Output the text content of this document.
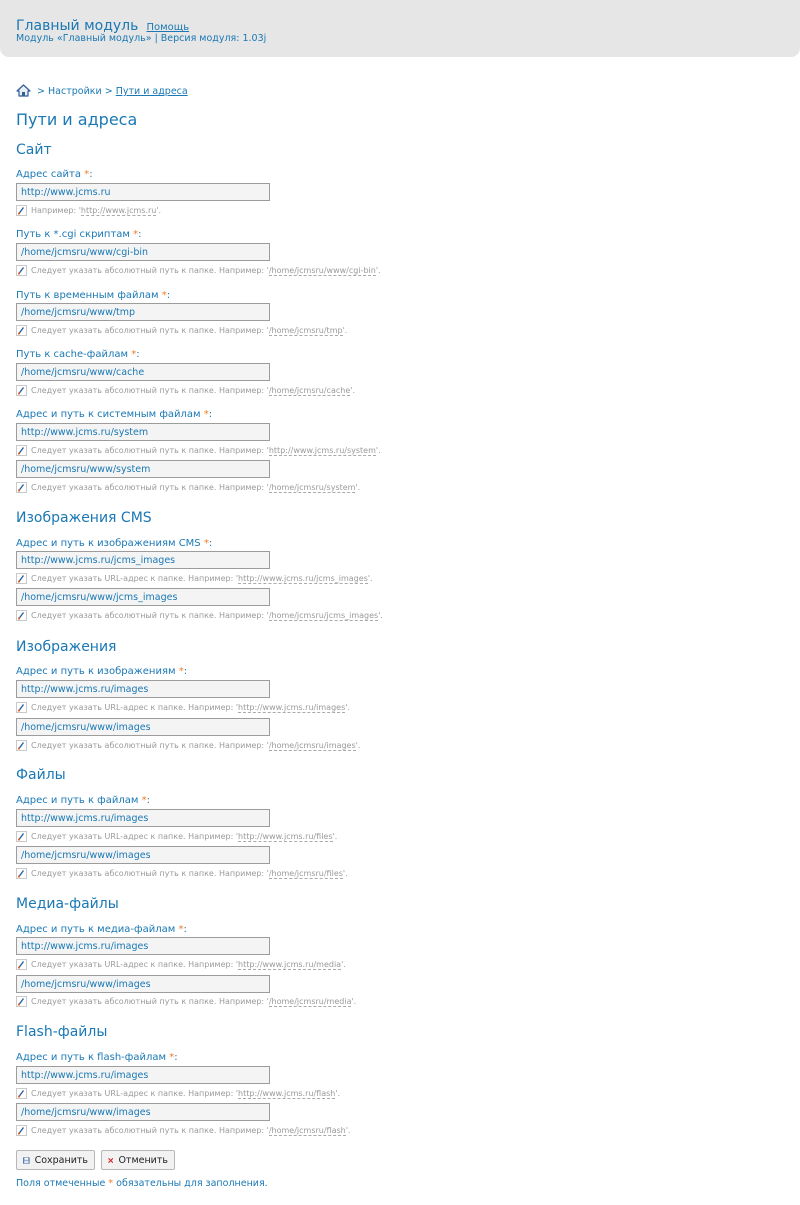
Главный модуль Помощь
Модуль «Главный модуль» | Версия модуля: 1.03j
> Настройки > Пути и адреса
Пути и адреса
Сайт
Адрес сайта *:
http://www.jcms.ru
Например: 'http://www.jcms.ru'.
Путь к *.cgi скриптам *:
/home/jcmsru/www/cgi-bin
Следует указать абсолютный путь к папке. Например: '/home/jcmsru/www/cgi-bin'.
Путь к временным файлам *:
/home/jcmsru/www/tmp
Следует указать абсолютный путь к папке. Например: '/home/jcmsru/tmp'.
Путь к cache-файлам *:
/home/jcmsru/www/cache
Следует указать абсолютный путь к папке. Например: '/home/jcmsru/cache'.
Адрес и путь к системным файлам *:
http://www.jcms.ru/system
Следует указать абсолютный путь к папке. Например: 'http://www.jcms.ru/system'.
/home/jcmsru/www/system
Следует указать абсолютный путь к папке. Например: '/home/jcmsru/system'.
Изображения CMS
Адрес и путь к изображениям CMS *:
http://www.jcms.ru/jcms_images
Следует указать URL-адрес к папке. Например: 'http://www.jcms.ru/jcms_images'.
/home/jcmsru/www/jcms_images
Следует указать абсолютный путь к папке. Например: '/home/jcmsru/jcms_images'.
Изображения
Адрес и путь к изображениям *:
http://www.jcms.ru/images
Следует указать URL-адрес к папке. Например: 'http://www.jcms.ru/images'.
/home/jcmsru/www/images
Следует указать абсолютный путь к папке. Например: '/home/jcmsru/images'.
Файлы
Адрес и путь к файлам *:
http://www.jcms.ru/images
Следует указать URL-адрес к папке. Например: 'http://www.jcms.ru/files'.
/home/jcmsru/www/images
Следует указать абсолютный путь к папке. Например: '/home/jcmsru/files'.
Медиа-файлы
Адрес и путь к медиа-файлам *:
http://www.jcms.ru/images
Следует указать URL-адрес к папке. Например: 'http://www.jcms.ru/media'.
/home/jcmsru/www/images
Следует указать абсолютный путь к папке. Например: '/home/jcmsru/media'.
Flash-файлы
Адрес и путь к flash-файлам *:
http://www.jcms.ru/images
Следует указать URL-адрес к папке. Например: 'http://www.jcms.ru/flash'.
/home/jcmsru/www/images
Следует указать абсолютный путь к папке. Например: '/home/jcmsru/flash'.
Сохранить	Отменить
Поля отмеченные * обязательны для заполнения.
